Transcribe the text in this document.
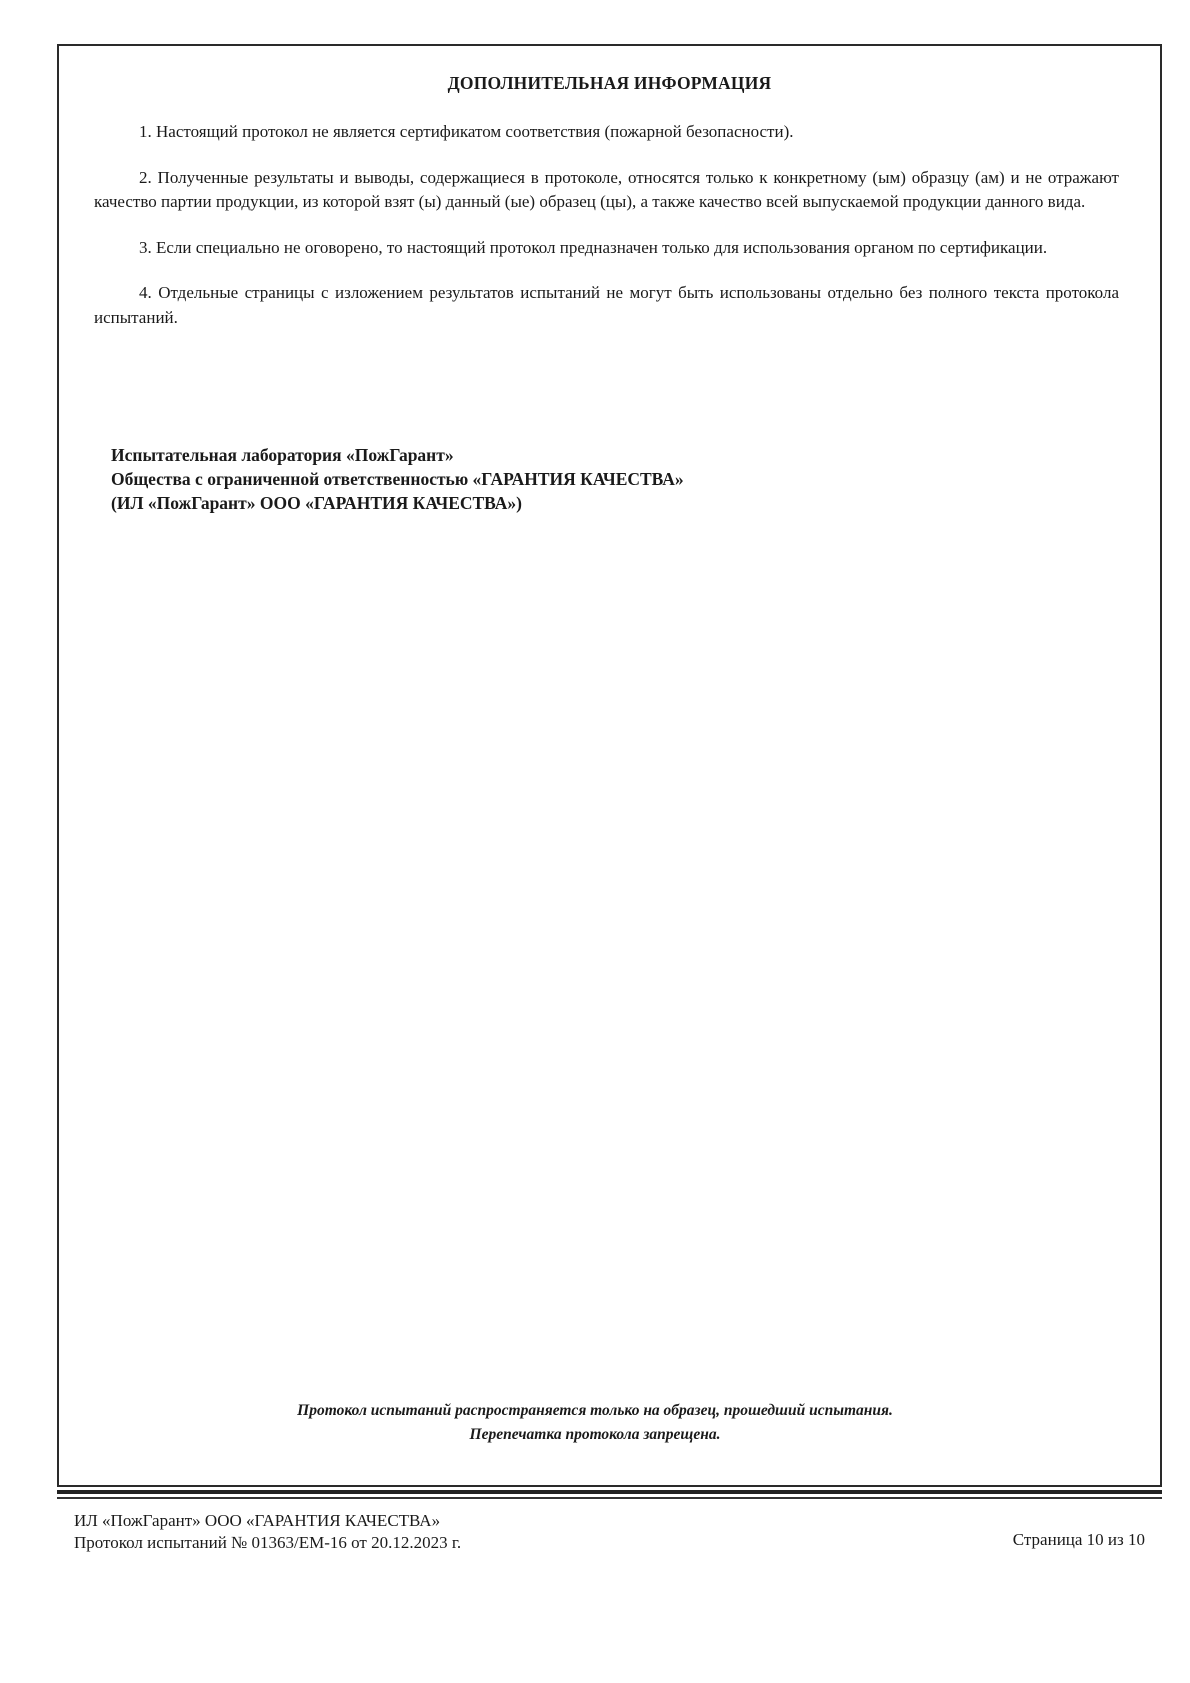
ДОПОЛНИТЕЛЬНАЯ ИНФОРМАЦИЯ

1. Настоящий протокол не является сертификатом соответствия (пожарной безопасности).

2. Полученные результаты и выводы, содержащиеся в протоколе, относятся только к конкретному (ым) образцу (ам) и не отражают качество партии продукции, из которой взят (ы) данный (ые) образец (цы), а также качество всей выпускаемой продукции данного вида.

3. Если специально не оговорено, то настоящий протокол предназначен только для использования органом по сертификации.

4. Отдельные страницы с изложением результатов испытаний не могут быть использованы отдельно без полного текста протокола испытаний.

Испытательная лаборатория «ПожГарант»
Общества с ограниченной ответственностью «ГАРАНТИЯ КАЧЕСТВА»
(ИЛ «ПожГарант» ООО «ГАРАНТИЯ КАЧЕСТВА»)
Протокол испытаний распространяется только на образец, прошедший испытания.
Перепечатка протокола запрещена.
ИЛ «ПожГарант» ООО «ГАРАНТИЯ КАЧЕСТВА»
Протокол испытаний № 01363/ЕМ-16 от 20.12.2023 г.	Страница 10 из 10
